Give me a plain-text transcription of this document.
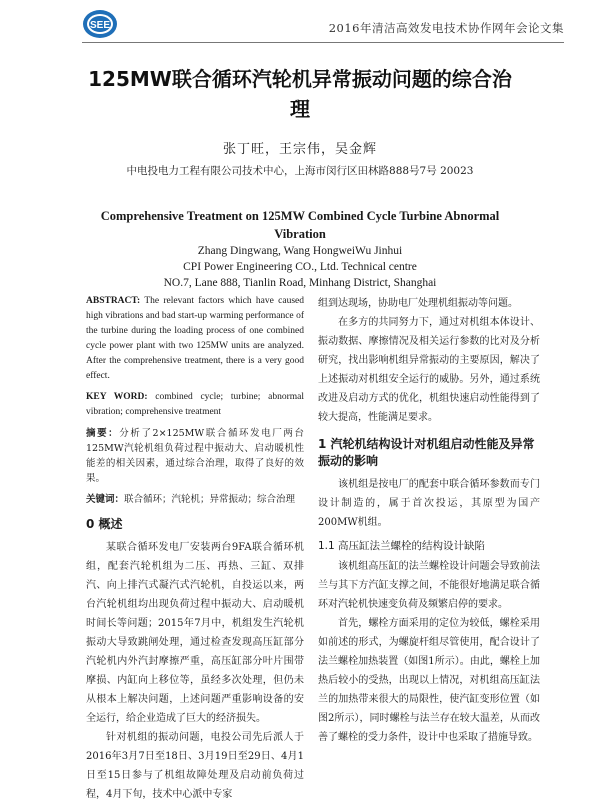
SEE	2016年清洁高效发电技术协作网年会论文集
125MW联合循环汽轮机异常振动问题的综合治理
张丁旺，王宗伟，吴金辉
中电投电力工程有限公司技术中心，上海市闵行区田林路888号7号 20023
Comprehensive Treatment on 125MW Combined Cycle Turbine Abnormal Vibration
Zhang Dingwang, Wang HongweiWu Jinhui
CPI Power Engineering CO., Ltd. Technical centre
NO.7, Lane 888, Tianlin Road, Minhang District, Shanghai

ABSTRACT: The relevant factors which have caused high vibrations and bad start-up warming performance of the turbine during the loading process of one combined cycle power plant with two 125MW units are analyzed. After the comprehensive treatment, there is a very good effect.

KEY WORD: combined cycle; turbine; abnormal vibration; comprehensive treatment

摘要：分析了2×125MW联合循环发电厂两台125MW汽轮机组负荷过程中振动大、启动暖机性能差的相关因素，通过综合治理，取得了良好的效果。

关键词：联合循环；汽轮机；异常振动；综合治理

0 概述

某联合循环发电厂安装两台9FA联合循环机组，配套汽轮机组为二压、再热、三缸、双排汽、向上排汽式凝汽式汽轮机，自投运以来，两台汽轮机组均出现负荷过程中振动大、启动暖机时间长等问题；2015年7月中，机组发生汽轮机振动大导致跳闸处理，通过检查发现高压缸部分汽轮机内外汽封摩擦严重，高压缸部分叶片围带摩损、内缸向上移位等，虽经多次处理，但仍未从根本上解决问题，上述问题严重影响设备的安全运行，给企业造成了巨大的经济损失。

针对机组的振动问题，电投公司先后派人于2016年3月7日至18日、3月19日至29日、4月1日至15日参与了机组故障处理及启动前负荷过程，4月下旬，技术中心派中专家

组到达现场，协助电厂处理机组振动等问题。

在多方的共同努力下，通过对机组本体设计、振动数据、摩擦情况及相关运行参数的比对及分析研究，找出影响机组异常振动的主要原因，解决了上述振动对机组安全运行的威胁。另外，通过系统改进及启动方式的优化，机组快速启动性能得到了较大提高，性能满足要求。

1 汽轮机结构设计对机组启动性能及异常振动的影响

该机组是按电厂的配套中联合循环参数而专门设计制造的，属于首次投运，其原型为国产200MW机组。

1.1 高压缸法兰螺栓的结构设计缺陷

该机组高压缸的法兰螺栓设计问题会导致前法兰与其下方汽缸支撑之间，不能很好地满足联合循环对汽轮机快速变负荷及频繁启停的要求。

首先，螺栓方面采用的定位为较低，螺栓采用如前述的形式，为螺旋杆组尽管使用，配合设计了法兰螺栓加热装置（如图1所示）。由此，螺栓上加热后较小的受热，出现以上情况，对机组高压缸法兰的加热带来很大的局限性，使汽缸变形位置（如图2所示），同时螺栓与法兰存在较大温差，从而改善了螺栓的受力条件，设计中也采取了措施导致。
